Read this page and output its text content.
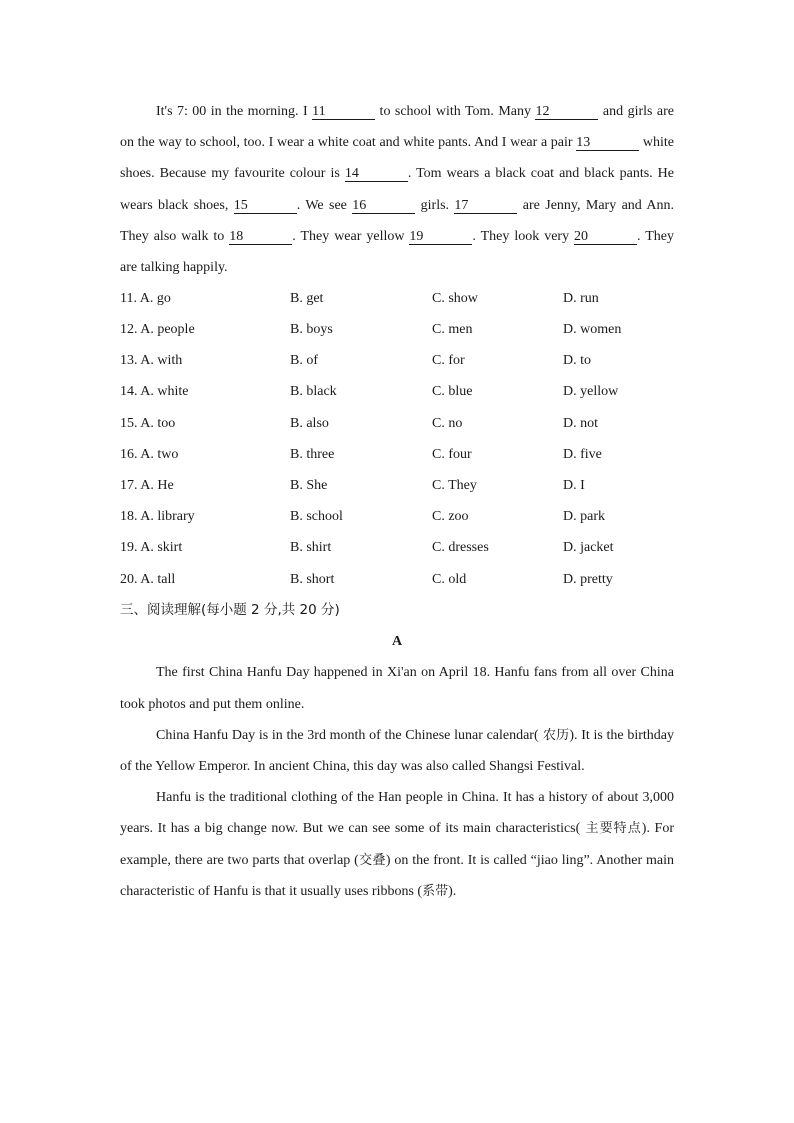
It's 7: 00 in the morning. I 11	to school with Tom. Many 12	and girls are on the way to school, too. I wear a white coat and white pants. And I wear a pair 13	white shoes. Because my favourite colour is 14	. Tom wears a black coat and black pants. He wears black shoes, 15	. We see 16	girls. 17	are Jenny, Mary and Ann. They also walk to 18	. They wear yellow 19	. They look very 20	. They are talking happily.

11. A. go	B. get	C. show	D. run
12. A. people	B. boys	C. men	D. women
13. A. with	B. of	C. for	D. to
14. A. white	B. black	C. blue	D. yellow
15. A. too	B. also	C. no	D. not
16. A. two	B. three	C. four	D. five
17. A. He	B. She	C. They	D. I
18. A. library	B. school	C. zoo	D. park
19. A. skirt	B. shirt	C. dresses	D. jacket
20. A. tall	B. short	C. old	D. pretty

三、阅读理解(每小题 2 分,共 20 分)

A

The first China Hanfu Day happened in Xi'an on April 18. Hanfu fans from all over China took photos and put them online.

China Hanfu Day is in the 3rd month of the Chinese lunar calendar( 农历). It is the birthday of the Yellow Emperor. In ancient China, this day was also called Shangsi Festival.

Hanfu is the traditional clothing of the Han people in China. It has a history of about 3,000 years. It has a big change now. But we can see some of its main characteristics( 主要特点). For example, there are two parts that overlap (交叠) on the front. It is called “jiao ling”. Another main characteristic of Hanfu is that it usually uses ribbons (系带).
